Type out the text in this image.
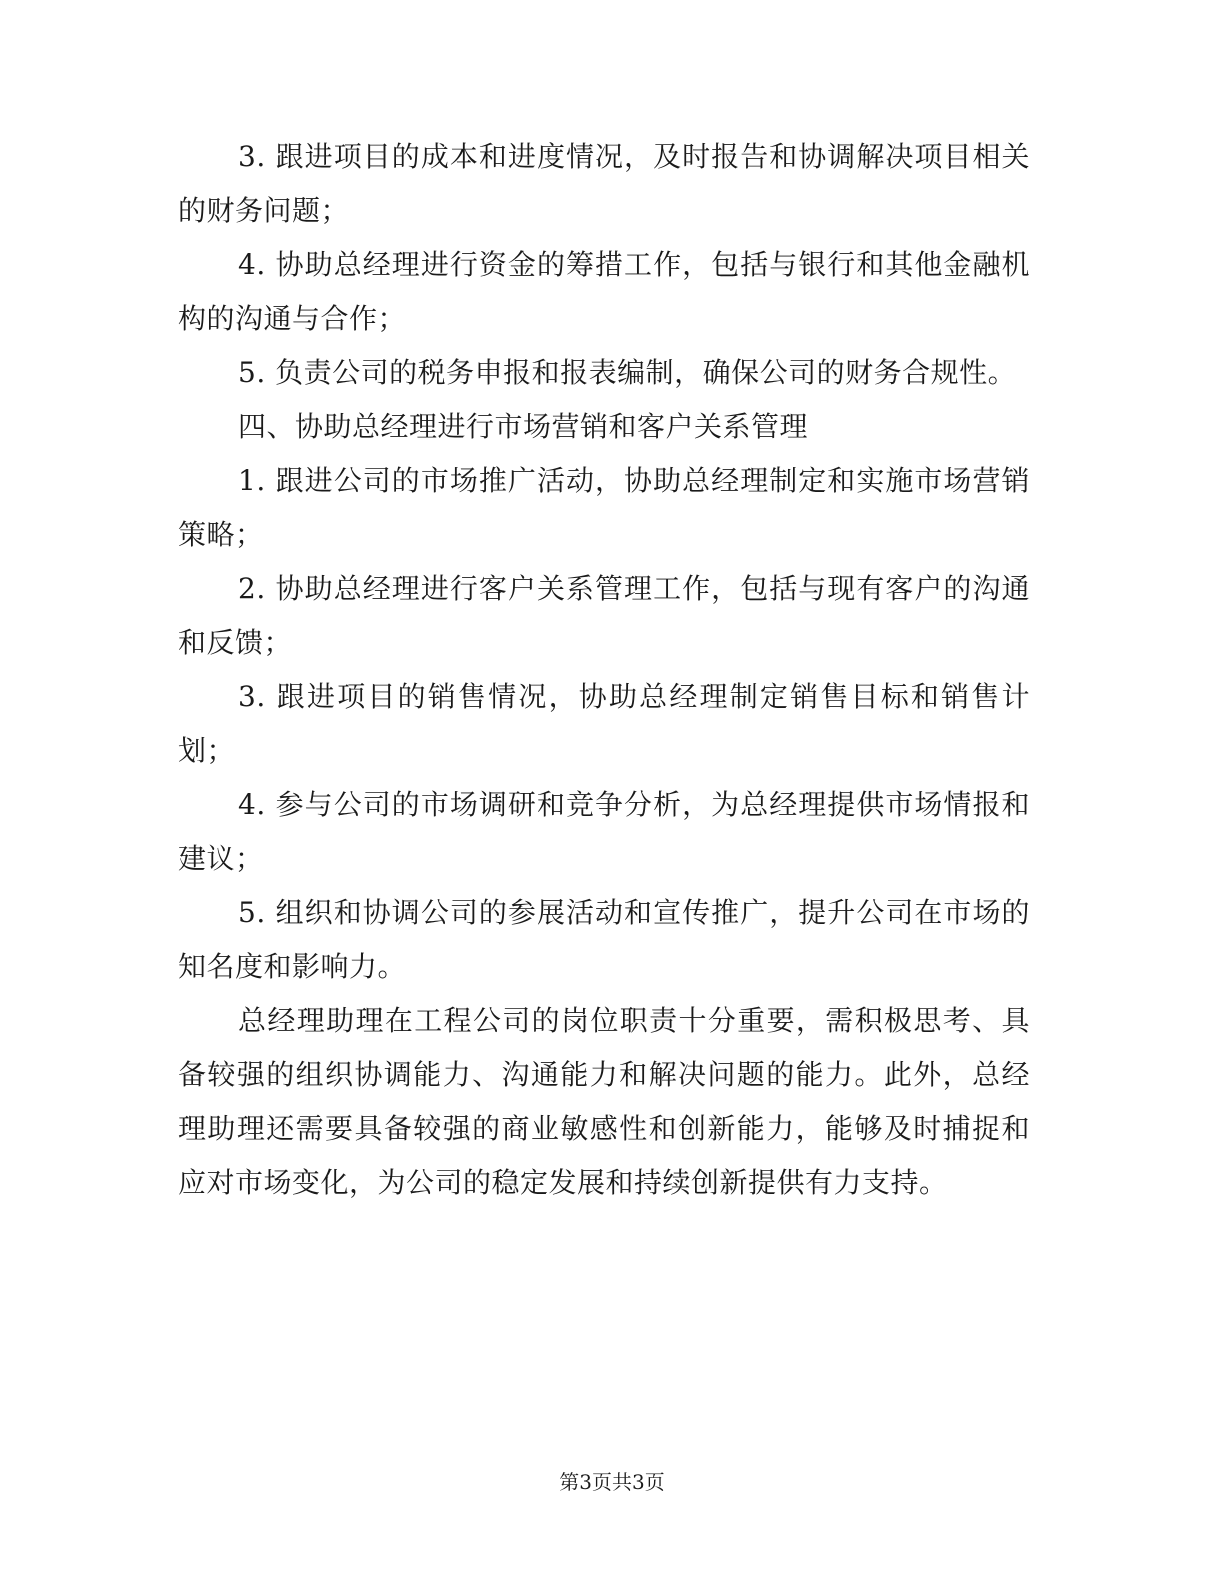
3. 跟进项目的成本和进度情况，及时报告和协调解决项目相关的财务问题；

4. 协助总经理进行资金的筹措工作，包括与银行和其他金融机构的沟通与合作；

5. 负责公司的税务申报和报表编制，确保公司的财务合规性。

四、协助总经理进行市场营销和客户关系管理

1. 跟进公司的市场推广活动，协助总经理制定和实施市场营销策略；

2. 协助总经理进行客户关系管理工作，包括与现有客户的沟通和反馈；

3. 跟进项目的销售情况，协助总经理制定销售目标和销售计划；

4. 参与公司的市场调研和竞争分析，为总经理提供市场情报和建议；

5. 组织和协调公司的参展活动和宣传推广，提升公司在市场的知名度和影响力。

总经理助理在工程公司的岗位职责十分重要，需积极思考、具备较强的组织协调能力、沟通能力和解决问题的能力。此外，总经理助理还需要具备较强的商业敏感性和创新能力，能够及时捕捉和应对市场变化，为公司的稳定发展和持续创新提供有力支持。

第3页共3页
